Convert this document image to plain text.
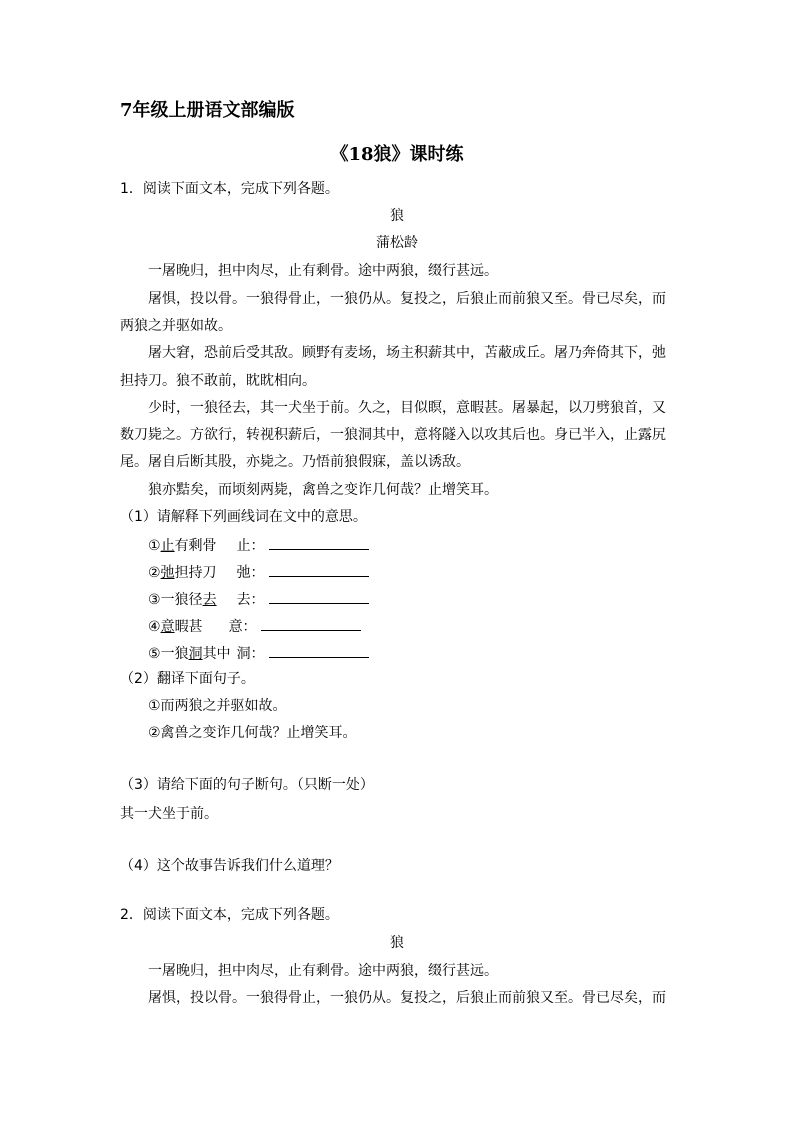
7年级上册语文部编版
《18狼》课时练
1．阅读下面文本，完成下列各题。
狼
蒲松龄
一屠晚归，担中肉尽，止有剩骨。途中两狼，缀行甚远。
屠惧，投以骨。一狼得骨止，一狼仍从。复投之，后狼止而前狼又至。骨已尽矣，而
两狼之并驱如故。
屠大窘，恐前后受其敌。顾野有麦场，场主积薪其中，苫蔽成丘。屠乃奔倚其下，弛
担持刀。狼不敢前，眈眈相向。
少时，一狼径去，其一犬坐于前。久之，目似瞑，意暇甚。屠暴起，以刀劈狼首，又
数刀毙之。方欲行，转视积薪后，一狼洞其中，意将隧入以攻其后也。身已半入，止露尻
尾。屠自后断其股，亦毙之。乃悟前狼假寐，盖以诱敌。
狼亦黠矣，而顷刻两毙，禽兽之变诈几何哉？止增笑耳。
（1）请解释下列画线词在文中的意思。
①止有剩骨 止：
②弛担持刀 弛：
③一狼径去 去：
④意暇甚 意：
⑤一狼洞其中 洞：
（2）翻译下面句子。
①而两狼之并驱如故。
②禽兽之变诈几何哉？止增笑耳。
（3）请给下面的句子断句。（只断一处）
其一犬坐于前。
（4）这个故事告诉我们什么道理？
2．阅读下面文本，完成下列各题。
狼
一屠晚归，担中肉尽，止有剩骨。途中两狼，缀行甚远。
屠惧，投以骨。一狼得骨止，一狼仍从。复投之，后狼止而前狼又至。骨已尽矣，而
